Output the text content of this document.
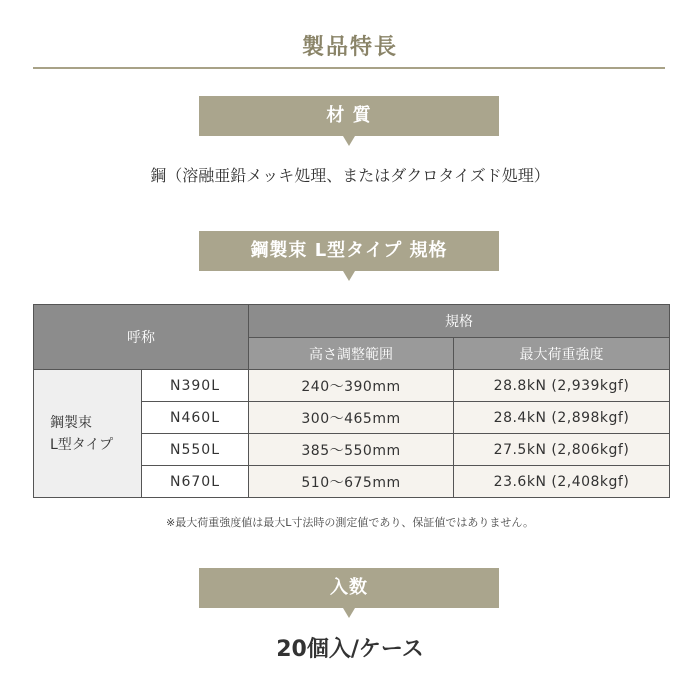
製品特長
材 質
鋼（溶融亜鉛メッキ処理、またはダクロタイズド処理）
鋼製束 L型タイプ 規格
呼称		規格	
		高さ調整範囲	最大荷重強度

鋼製束
L型タイプ	N390L	240～390mm	28.8kN (2,939kgf)
	N460L	300～465mm	28.4kN (2,898kgf)
	N550L	385～550mm	27.5kN (2,806kgf)
	N670L	510～675mm	23.6kN (2,408kgf)
※最大荷重強度値は最大L寸法時の測定値であり、保証値ではありません。
入数
20個入/ケース
